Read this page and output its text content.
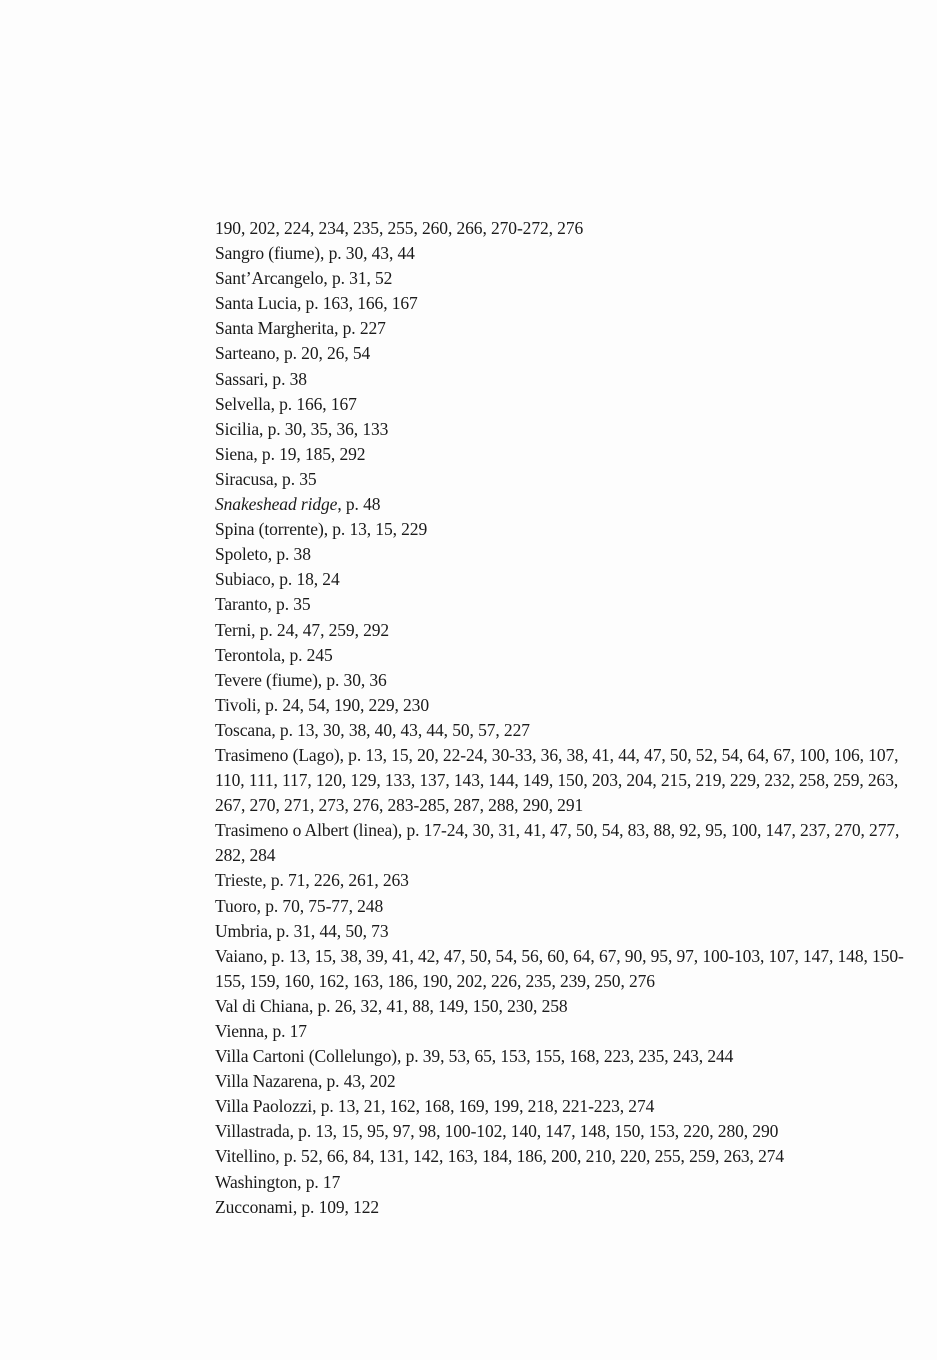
190, 202, 224, 234, 235, 255, 260, 266, 270-272, 276
Sangro (fiume), p. 30, 43, 44
Sant’Arcangelo, p. 31, 52
Santa Lucia, p. 163, 166, 167
Santa Margherita, p. 227
Sarteano, p. 20, 26, 54
Sassari, p. 38
Selvella, p. 166, 167
Sicilia, p. 30, 35, 36, 133
Siena, p. 19, 185, 292
Siracusa, p. 35
Snakeshead ridge, p. 48
Spina (torrente), p. 13, 15, 229
Spoleto, p. 38
Subiaco, p. 18, 24
Taranto, p. 35
Terni, p. 24, 47, 259, 292
Terontola, p. 245
Tevere (fiume), p. 30, 36
Tivoli, p. 24, 54, 190, 229, 230
Toscana, p. 13, 30, 38, 40, 43, 44, 50, 57, 227
Trasimeno (Lago), p. 13, 15, 20, 22-24, 30-33, 36, 38, 41, 44, 47, 50, 52, 54, 64, 67, 100, 106, 107, 110, 111, 117, 120, 129, 133, 137, 143, 144, 149, 150, 203, 204, 215, 219, 229, 232, 258, 259, 263, 267, 270, 271, 273, 276, 283-285, 287, 288, 290, 291
Trasimeno o Albert (linea), p. 17-24, 30, 31, 41, 47, 50, 54, 83, 88, 92, 95, 100, 147, 237, 270, 277, 282, 284
Trieste, p. 71, 226, 261, 263
Tuoro, p. 70, 75-77, 248
Umbria, p. 31, 44, 50, 73
Vaiano, p. 13, 15, 38, 39, 41, 42, 47, 50, 54, 56, 60, 64, 67, 90, 95, 97, 100-103, 107, 147, 148, 150-155, 159, 160, 162, 163, 186, 190, 202, 226, 235, 239, 250, 276
Val di Chiana, p. 26, 32, 41, 88, 149, 150, 230, 258
Vienna, p. 17
Villa Cartoni (Collelungo), p. 39, 53, 65, 153, 155, 168, 223, 235, 243, 244
Villa Nazarena, p. 43, 202
Villa Paolozzi, p. 13, 21, 162, 168, 169, 199, 218, 221-223, 274
Villastrada, p. 13, 15, 95, 97, 98, 100-102, 140, 147, 148, 150, 153, 220, 280, 290
Vitellino, p. 52, 66, 84, 131, 142, 163, 184, 186, 200, 210, 220, 255, 259, 263, 274
Washington, p. 17
Zucconami, p. 109, 122
